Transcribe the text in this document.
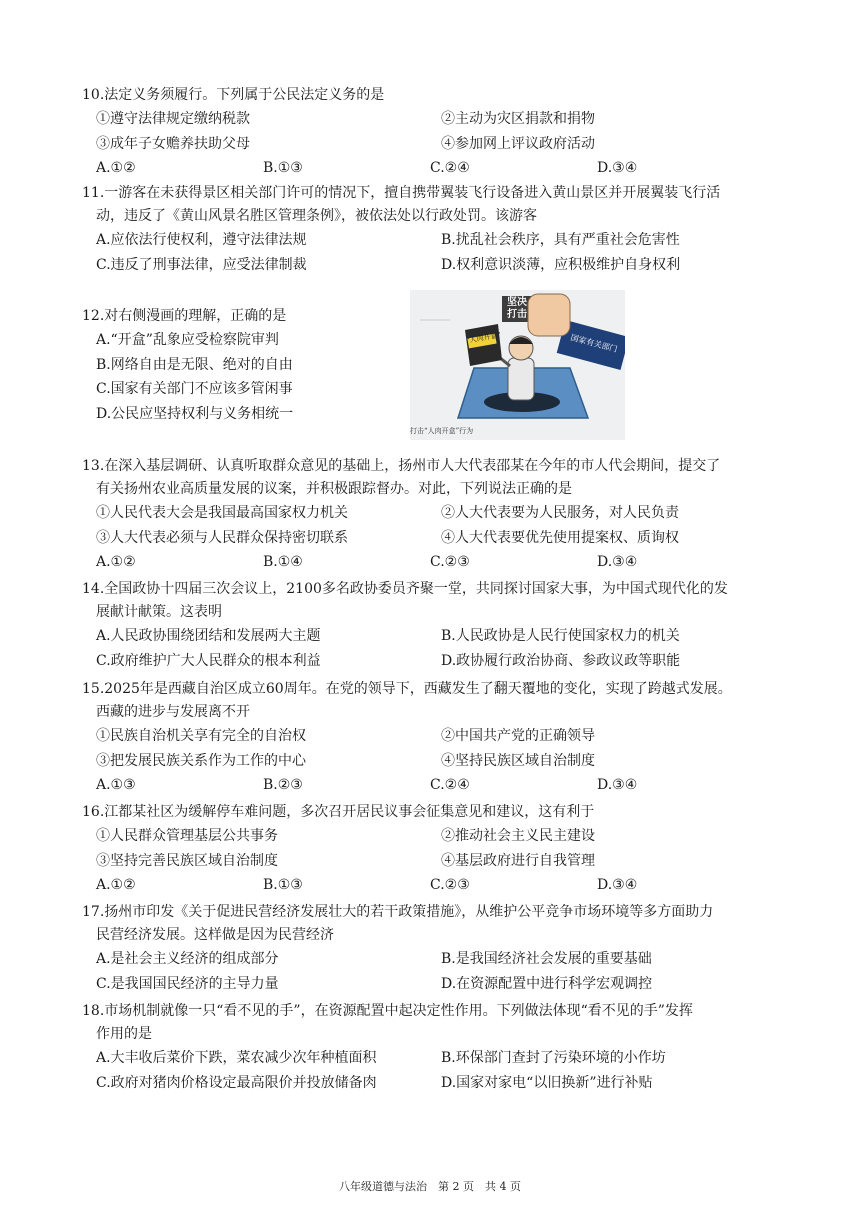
10.法定义务须履行。下列属于公民法定义务的是

①遵守法律规定缴纳税款	②主动为灾区捐款和捐物
③成年子女赡养扶助父母	④参加网上评议政府活动
A.①②	B.①③	C.②④	D.③④

11.一游客在未获得景区相关部门许可的情况下，擅自携带翼装飞行设备进入黄山景区并开展翼装飞行活
动，违反了《黄山风景名胜区管理条例》，被依法处以行政处罚。该游客

A.应依法行使权利，遵守法律法规	B.扰乱社会秩序，具有严重社会危害性
C.违反了刑事法律，应受法律制裁	D.权利意识淡薄，应积极维护自身权利

12.对右侧漫画的理解，正确的是

A.“开盒”乱象应受检察院审判
B.网络自由是无限、绝对的自由
C.国家有关部门不应该多管闲事
D.公民应坚持权利与义务相统一
坚决打击
“人肉开盒”	国家有关部门
打击“人肉开盒”行为

13.在深入基层调研、认真听取群众意见的基础上，扬州市人大代表邵某在今年的市人代会期间，提交了
有关扬州农业高质量发展的议案，并积极跟踪督办。对此，下列说法正确的是

①人民代表大会是我国最高国家权力机关	②人大代表要为人民服务，对人民负责
③人大代表必须与人民群众保持密切联系	④人大代表要优先使用提案权、质询权
A.①②	B.①④	C.②③	D.③④

14.全国政协十四届三次会议上，2100多名政协委员齐聚一堂，共同探讨国家大事，为中国式现代化的发
展献计献策。这表明

A.人民政协围绕团结和发展两大主题	B.人民政协是人民行使国家权力的机关
C.政府维护广大人民群众的根本利益	D.政协履行政治协商、参政议政等职能

15.2025年是西藏自治区成立60周年。在党的领导下，西藏发生了翻天覆地的变化，实现了跨越式发展。
西藏的进步与发展离不开

①民族自治机关享有完全的自治权	②中国共产党的正确领导
③把发展民族关系作为工作的中心	④坚持民族区域自治制度
A.①③	B.②③	C.②④	D.③④

16.江都某社区为缓解停车难问题，多次召开居民议事会征集意见和建议，这有利于

①人民群众管理基层公共事务	②推动社会主义民主建设
③坚持完善民族区域自治制度	④基层政府进行自我管理
A.①②	B.①③	C.②③	D.③④

17.扬州市印发《关于促进民营经济发展壮大的若干政策措施》，从维护公平竞争市场环境等多方面助力
民营经济发展。这样做是因为民营经济

A.是社会主义经济的组成部分	B.是我国经济社会发展的重要基础
C.是我国国民经济的主导力量	D.在资源配置中进行科学宏观调控

18.市场机制就像一只“看不见的手”，在资源配置中起决定性作用。下列做法体现“看不见的手”发挥
作用的是

A.大丰收后菜价下跌，菜农减少次年种植面积	B.环保部门查封了污染环境的小作坊
C.政府对猪肉价格设定最高限价并投放储备肉	D.国家对家电“以旧换新”进行补贴
八年级道德与法治　第 2 页　共 4 页
